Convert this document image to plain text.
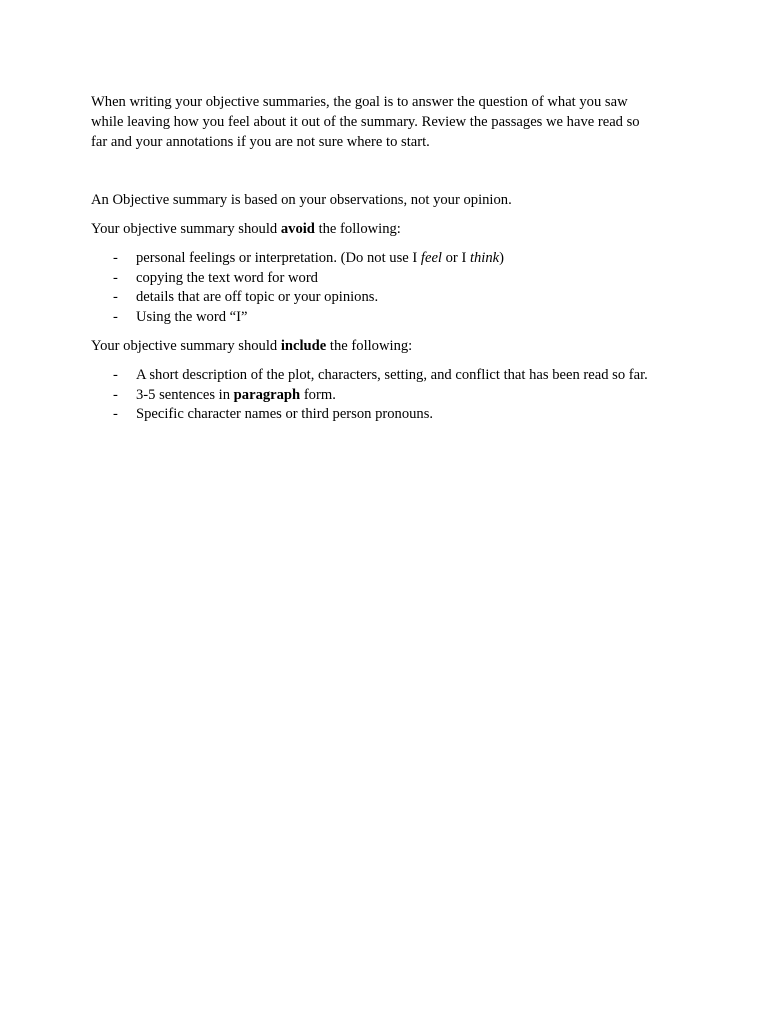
When writing your objective summaries, the goal is to answer the question of what you saw
while leaving how you feel about it out of the summary. Review the passages we have read so
far and your annotations if you are not sure where to start.

An Objective summary is based on your observations, not your opinion.

Your objective summary should avoid the following:

- personal feelings or interpretation. (Do not use I feel or I think)
- copying the text word for word
- details that are off topic or your opinions.
- Using the word “I”

Your objective summary should include the following:

- A short description of the plot, characters, setting, and conflict that has been read so far.
- 3-5 sentences in paragraph form.
- Specific character names or third person pronouns.
